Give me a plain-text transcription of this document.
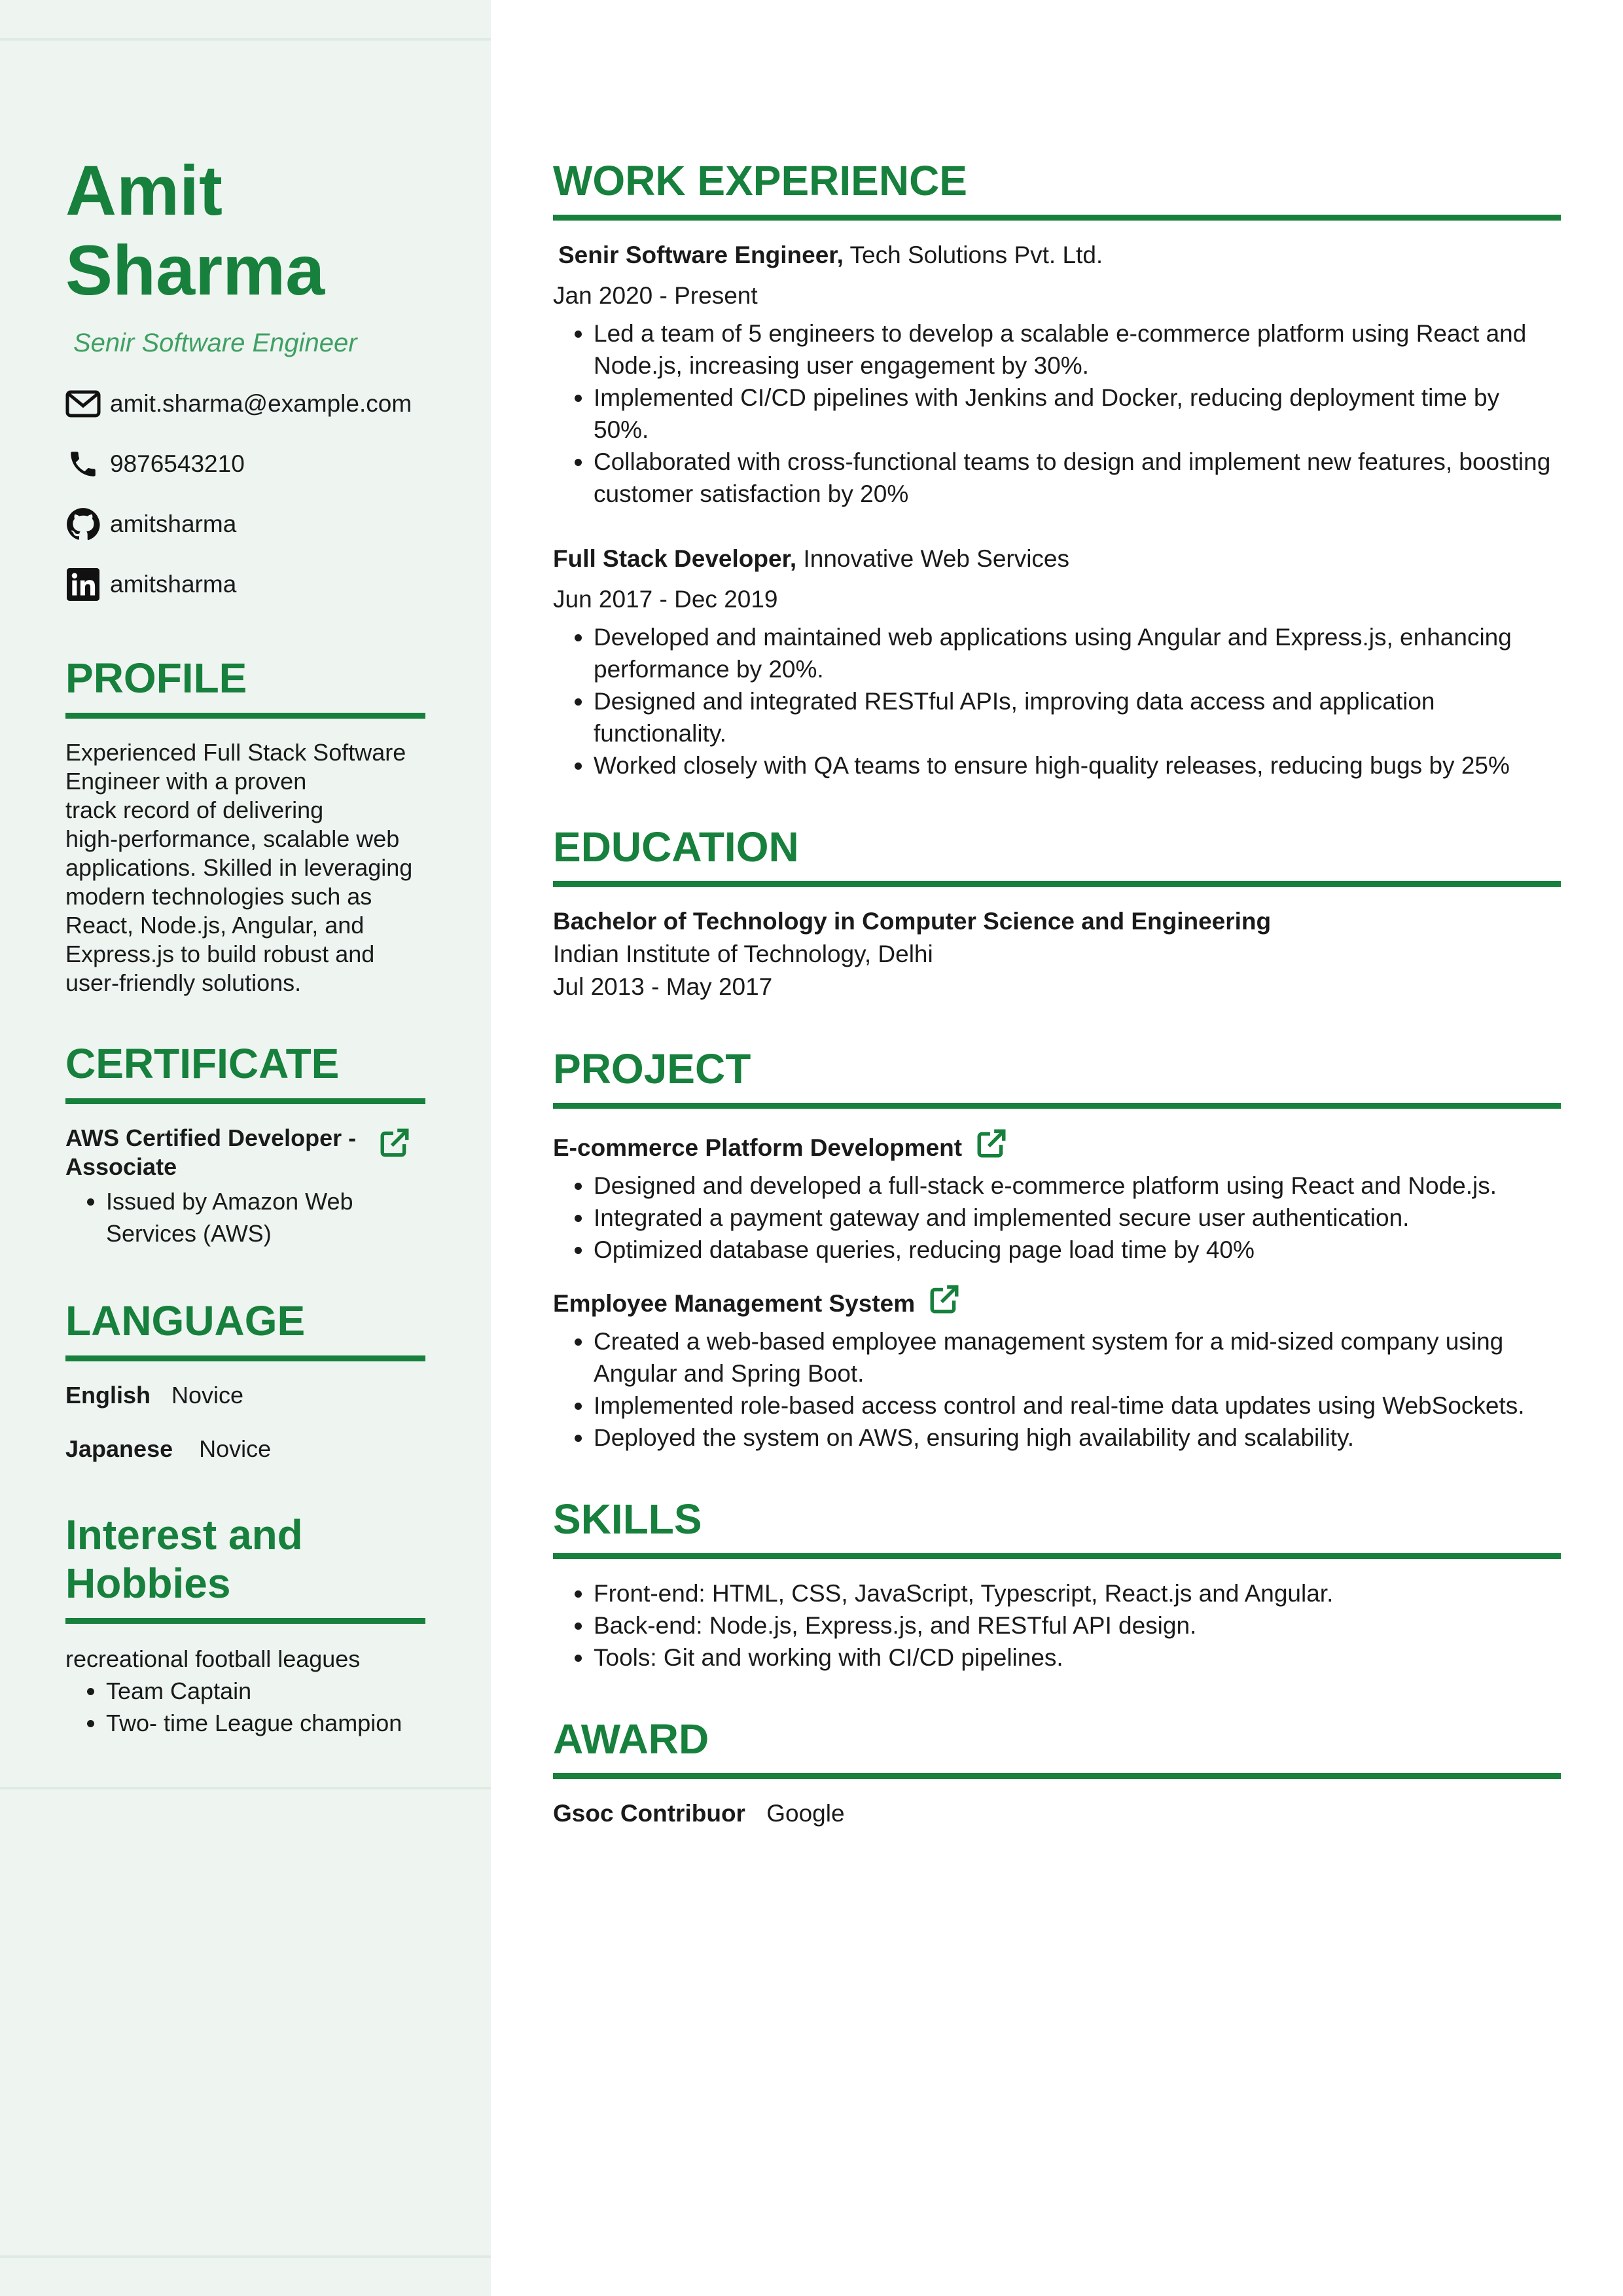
Amit
Sharma
Senir Software Engineer
amit.sharma@example.com
9876543210
amitsharma
amitsharma
PROFILE
Experienced Full Stack Software
Engineer with a proven
track record of delivering
high-performance, scalable web
applications. Skilled in leveraging
modern technologies such as
React, Node.js, Angular, and
Express.js to build robust and
user-friendly solutions.
CERTIFICATE
AWS Certified Developer -
Associate
• Issued by Amazon Web
Services (AWS)
LANGUAGE
English Novice
Japanese Novice
Interest and
Hobbies
recreational football leagues
• Team Captain
• Two- time League champion
WORK EXPERIENCE
Senir Software Engineer, Tech Solutions Pvt. Ltd.
Jan 2020 - Present
• Led a team of 5 engineers to develop a scalable e-commerce platform using React and
Node.js, increasing user engagement by 30%.
• Implemented CI/CD pipelines with Jenkins and Docker, reducing deployment time by 50%.
• Collaborated with cross-functional teams to design and implement new features, boosting
customer satisfaction by 20%
Full Stack Developer, Innovative Web Services
Jun 2017 - Dec 2019
• Developed and maintained web applications using Angular and Express.js, enhancing
performance by 20%.
• Designed and integrated RESTful APIs, improving data access and application
functionality.
• Worked closely with QA teams to ensure high-quality releases, reducing bugs by 25%
EDUCATION
Bachelor of Technology in Computer Science and Engineering
Indian Institute of Technology, Delhi
Jul 2013 - May 2017
PROJECT
E-commerce Platform Development
• Designed and developed a full-stack e-commerce platform using React and Node.js.
• Integrated a payment gateway and implemented secure user authentication.
• Optimized database queries, reducing page load time by 40%
Employee Management System
• Created a web-based employee management system for a mid-sized company using
Angular and Spring Boot.
• Implemented role-based access control and real-time data updates using WebSockets.
• Deployed the system on AWS, ensuring high availability and scalability.
SKILLS
• Front-end: HTML, CSS, JavaScript, Typescript, React.js and Angular.
• Back-end: Node.js, Express.js, and RESTful API design.
• Tools: Git and working with CI/CD pipelines.
AWARD
Gsoc Contribuor Google
